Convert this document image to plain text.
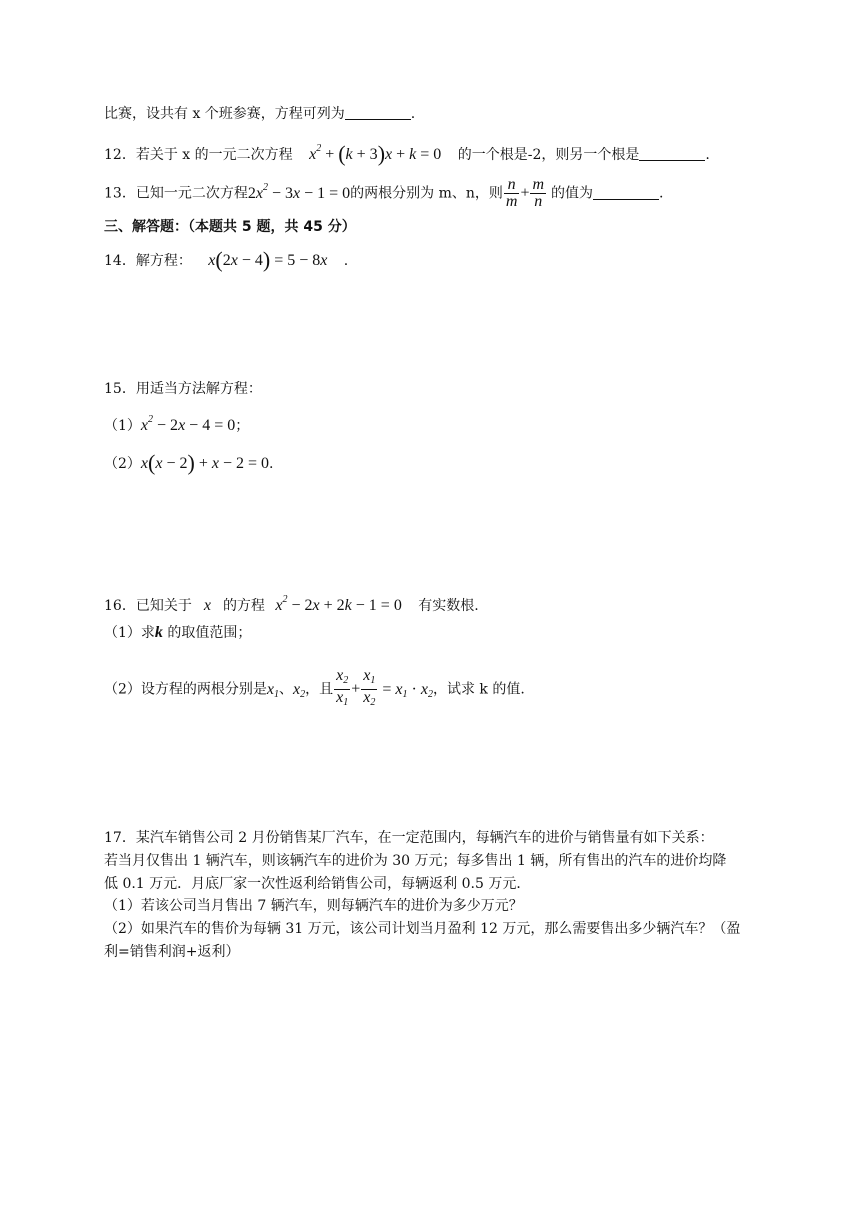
比赛，设共有 x 个班参赛，方程可列为	.
12．若关于 x 的一元二次方程 $x^2 + (k + 3)x + k = 0$ 的一个根是-2，则另一个根是	.
13．已知一元二次方程$2x^2 - 3x - 1 = 0$的两根分别为 m、n，则 $\frac{n}{m} + \frac{m}{n}$ 的值为	.
三、解答题：（本题共 5 题，共 45 分）
14．解方程： x(2x − 4) = 5 − 8x .
15．用适当方法解方程：
$(1)x^2 - 2x - 4 = 0$；
（2）x(x − 2) + x − 2 = 0.
16．已知关于 x 的方程 $x^2 - 2x + 2k - 1 = 0$ 有实数根.
（1）求k 的取值范围；
（2）设方程的两根分别是$x_1$、$x_2$，且 $\frac{x_2}{x_1} + \frac{x_1}{x_2} = x_1 \cdot x_2$，试求 k 的值.
17．某汽车销售公司 2 月份销售某厂汽车，在一定范围内，每辆汽车的进价与销售量有如下关系：
若当月仅售出 1 辆汽车，则该辆汽车的进价为 30 万元；每多售出 1 辆，所有售出的汽车的进价均降
低 0.1 万元．月底厂家一次性返利给销售公司，每辆返利 0.5 万元．
（1）若该公司当月售出 7 辆汽车，则每辆汽车的进价为多少万元？
（2）如果汽车的售价为每辆 31 万元，该公司计划当月盈利 12 万元，那么需要售出多少辆汽车？（盈
利=销售利润+返利）
